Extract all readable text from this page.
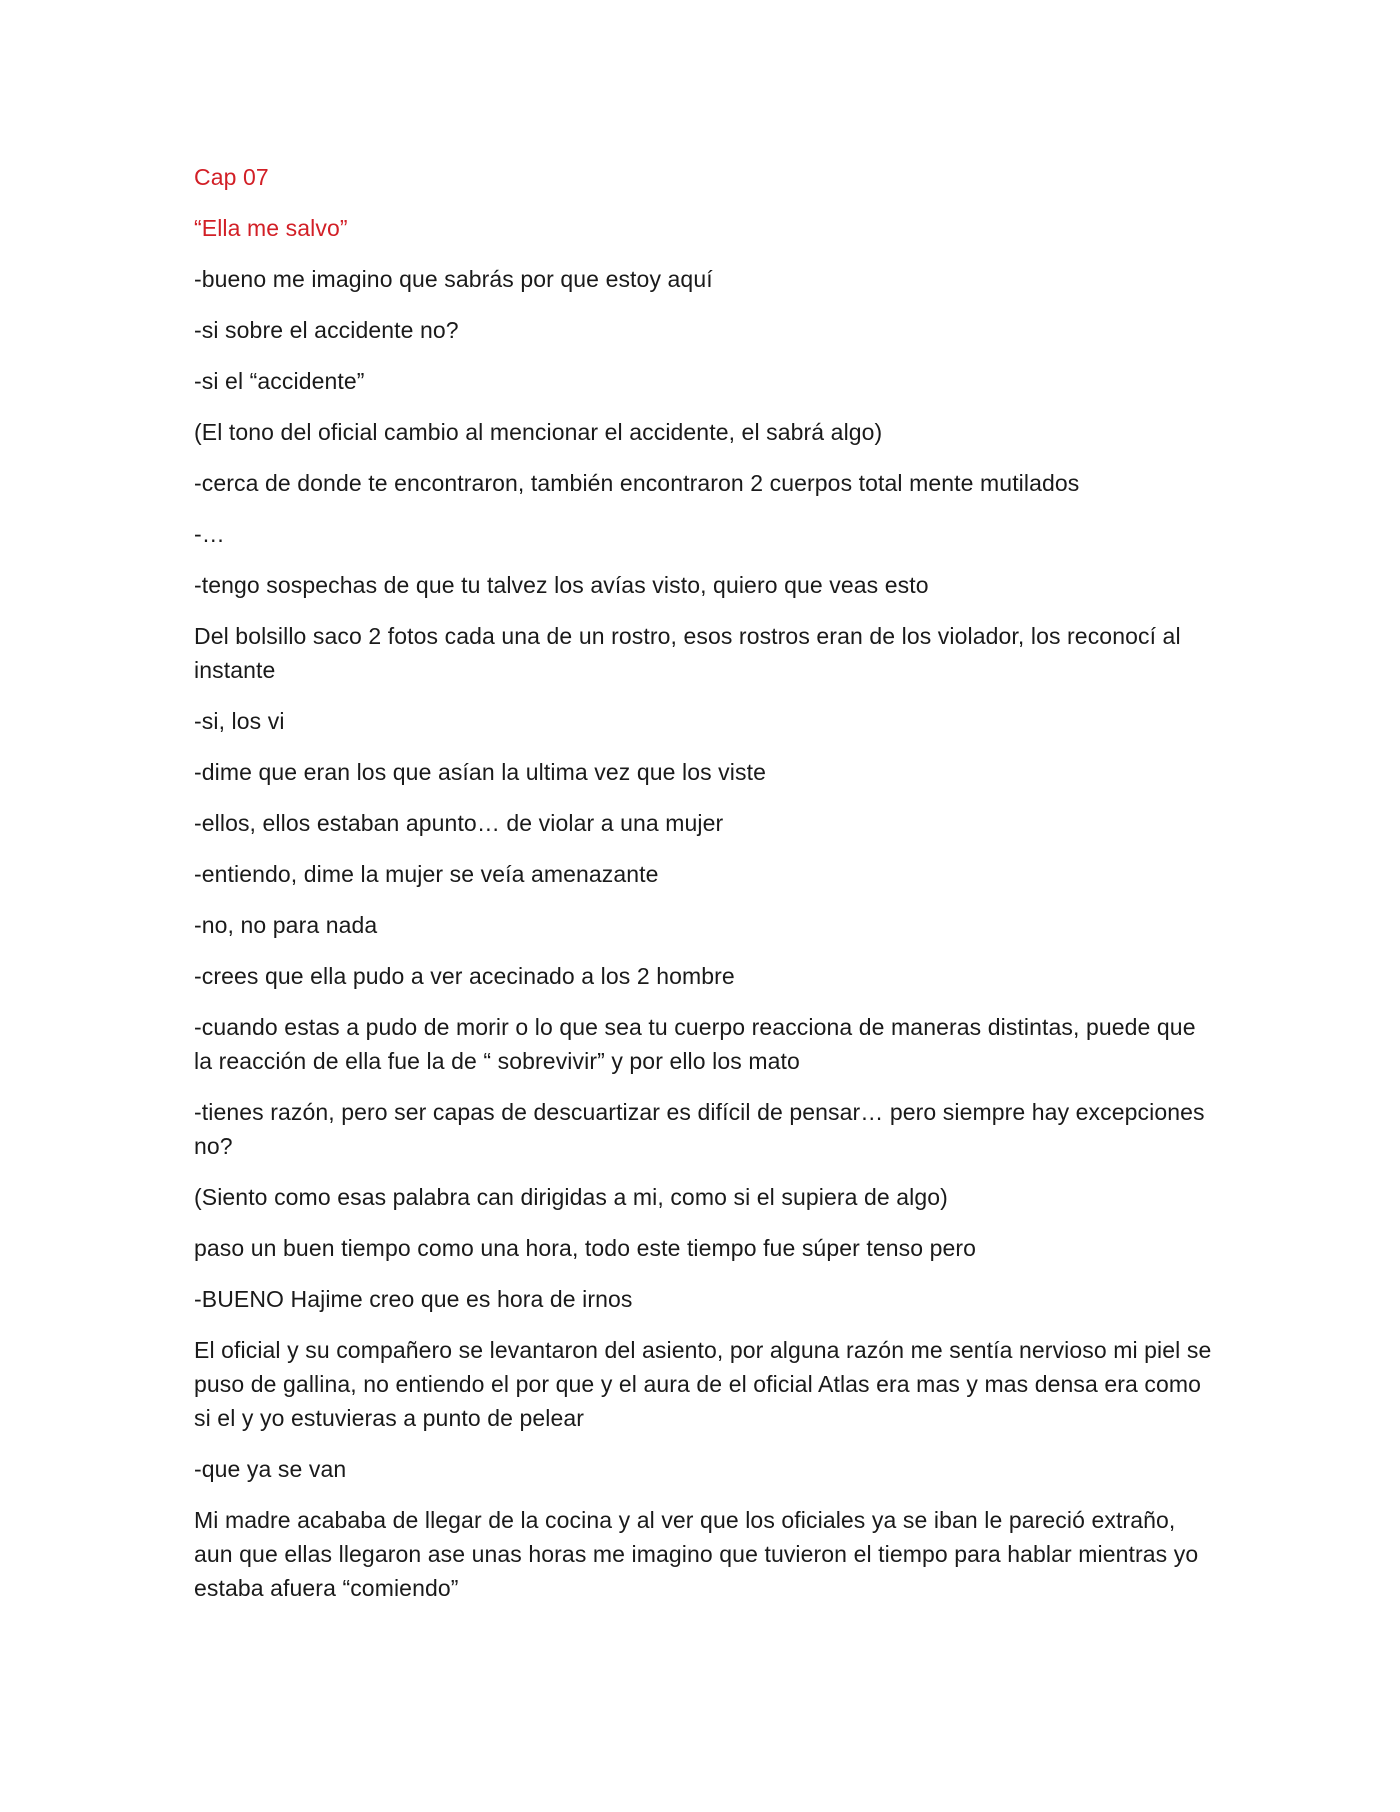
Cap 07

“Ella me salvo”

-bueno me imagino que sabrás por que estoy aquí

-si sobre el accidente no?

-si el “accidente”

(El tono del oficial cambio al mencionar el accidente, el sabrá algo)

-cerca de donde te encontraron, también encontraron 2 cuerpos total mente mutilados

-…

-tengo sospechas de que tu talvez los avías visto, quiero que veas esto

Del bolsillo saco 2 fotos cada una de un rostro, esos rostros eran de los violador, los reconocí al instante

-si, los vi

-dime que eran los que asían la ultima vez que los viste

-ellos, ellos estaban apunto… de violar a una mujer

-entiendo, dime la mujer se veía amenazante

-no, no para nada

-crees que ella pudo a ver acecinado a los 2 hombre

-cuando estas a pudo de morir o lo que sea tu cuerpo reacciona de maneras distintas, puede que la reacción de ella fue la de “ sobrevivir” y por ello los mato

-tienes razón, pero ser capas de descuartizar es difícil de pensar… pero siempre hay excepciones no?

(Siento como esas palabra can dirigidas a mi, como si el supiera de algo)

paso un buen tiempo como una hora, todo este tiempo fue súper tenso pero

-BUENO Hajime creo que es hora de irnos

El oficial y su compañero se levantaron del asiento, por alguna razón me sentía nervioso mi piel se puso de gallina, no entiendo el por que y el aura de el oficial Atlas era mas y mas densa era como si el y yo estuvieras a punto de pelear

-que ya se van

Mi madre acababa de llegar de la cocina y al ver que los oficiales ya se iban le pareció extraño, aun que ellas llegaron ase unas horas me imagino que tuvieron el tiempo para hablar mientras yo estaba afuera “comiendo”
